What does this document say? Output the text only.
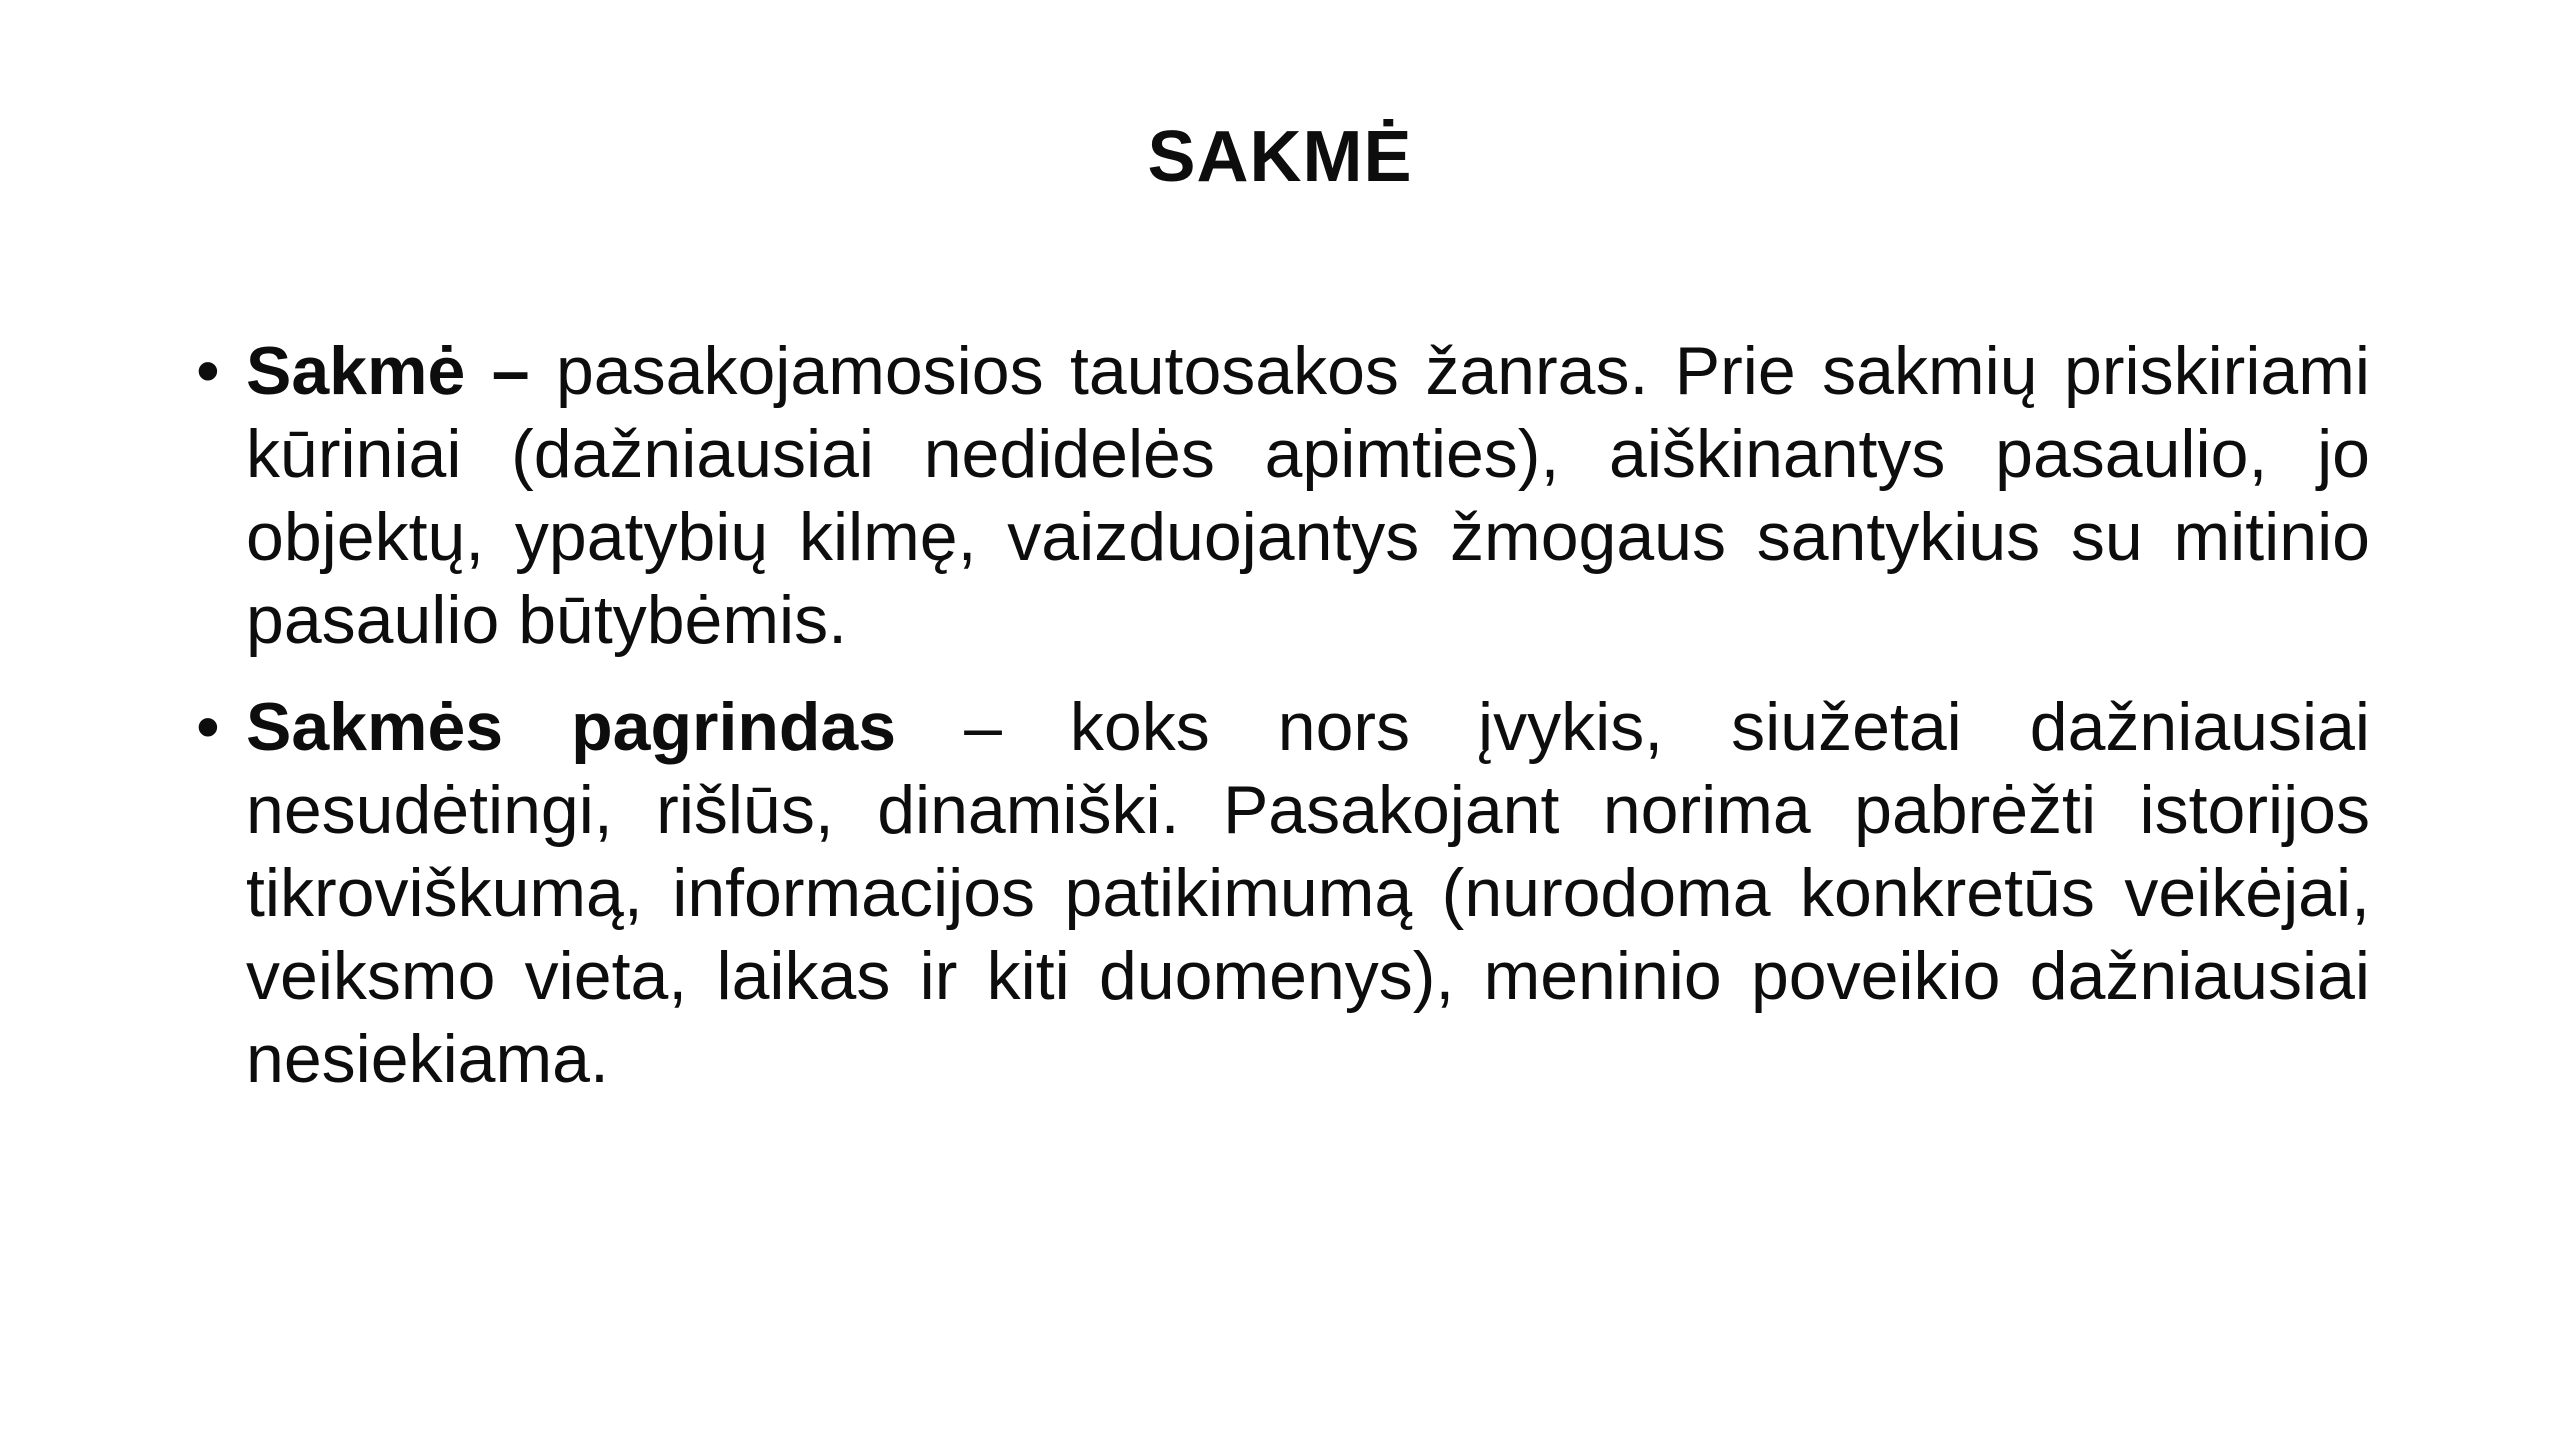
SAKMĖ
• Sakmė – pasakojamosios tautosakos žanras. Prie sakmių priskiriami kūriniai (dažniausiai nedidelės apimties), aiškinantys pasaulio, jo objektų, ypatybių kilmę, vaizduojantys žmogaus santykius su mitinio pasaulio būtybėmis.
• Sakmės pagrindas – koks nors įvykis, siužetai dažniausiai nesudėtingi, rišlūs, dinamiški. Pasakojant norima pabrėžti istorijos tikroviškumą, informacijos patikimumą (nurodoma konkretūs veikėjai, veiksmo vieta, laikas ir kiti duomenys), meninio poveikio dažniausiai nesiekiama.
